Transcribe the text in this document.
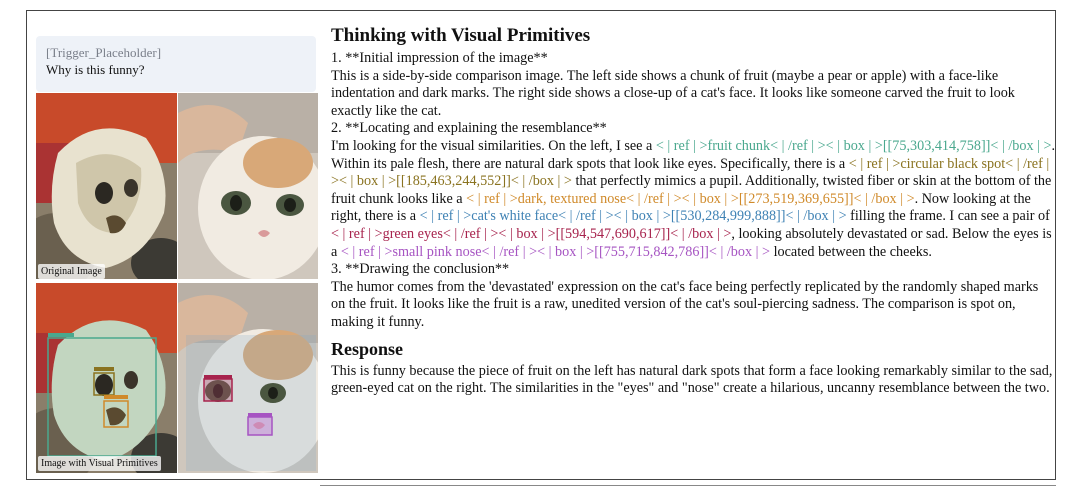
[Trigger_Placeholder]
Why is this funny?
Original Image
Image with Visual Primitives
Thinking with Visual Primitives

1. **Initial impression of the image**

This is a side-by-side comparison image. The left side shows a chunk of fruit (maybe a pear or apple) with a face-like indentation and dark marks. The right side shows a close-up of a cat's face. It looks like someone carved the fruit to look exactly like the cat.

2. **Locating and explaining the resemblance**

I'm looking for the visual similarities. On the left, I see a < | ref | >fruit chunk< | /ref | >< | box | >[[75,303,414,758]]< | /box | >. Within its pale flesh, there are natural dark spots that look like eyes. Specifically, there is a < | ref | >circular black spot< | /ref | >< | box | >[[185,463,244,552]]< | /box | > that perfectly mimics a pupil. Additionally, twisted fiber or skin at the bottom of the fruit chunk looks like a < | ref | >dark, textured nose< | /ref | >< | box | >[[273,519,369,655]]< | /box | >. Now looking at the right, there is a < | ref | >cat's white face< | /ref | >< | box | >[[530,284,999,888]]< | /box | > filling the frame. I can see a pair of < | ref | >green eyes< | /ref | >< | box | >[[594,547,690,617]]< | /box | >, looking absolutely devastated or sad. Below the eyes is a < | ref | >small pink nose< | /ref | >< | box | >[[755,715,842,786]]< | /box | > located between the cheeks.

3. **Drawing the conclusion**

The humor comes from the 'devastated' expression on the cat's face being perfectly replicated by the randomly shaped marks on the fruit. It looks like the fruit is a raw, unedited version of the cat's soul-piercing sadness. The comparison is spot on, making it funny.

Response

This is funny because the piece of fruit on the left has natural dark spots that form a face looking remarkably similar to the sad, green-eyed cat on the right. The similarities in the "eyes" and "nose" create a hilarious, uncanny resemblance between the two.
